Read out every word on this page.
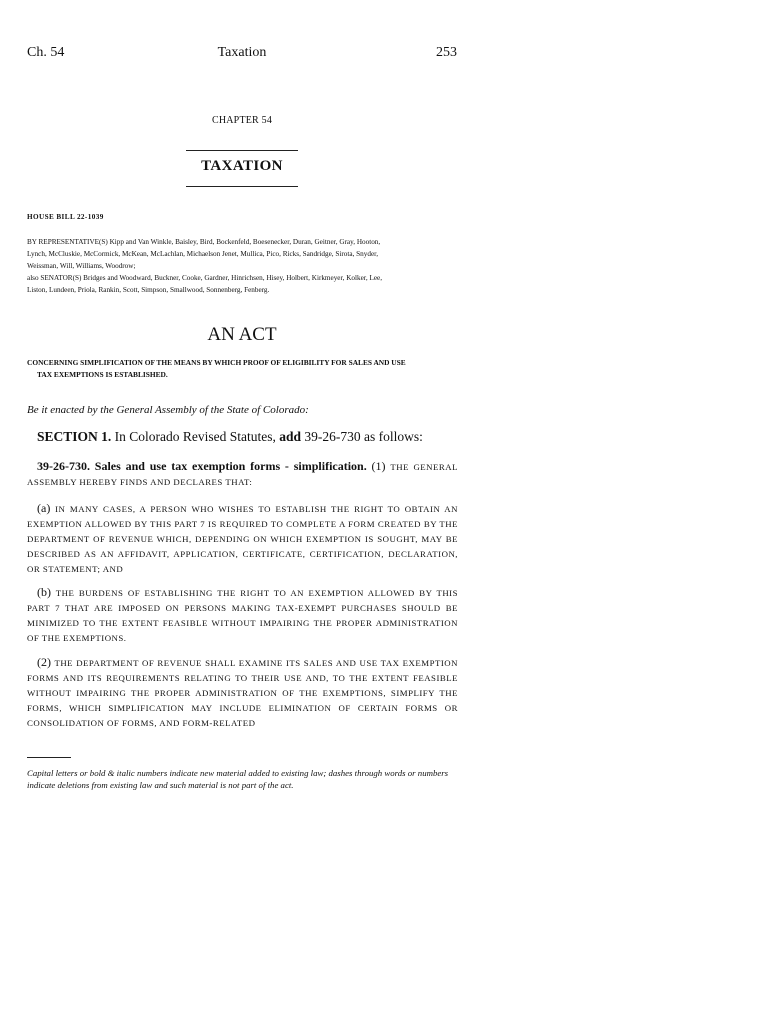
Ch. 54	Taxation	253
CHAPTER 54
TAXATION
HOUSE BILL 22-1039
BY REPRESENTATIVE(S) Kipp and Van Winkle, Baisley, Bird, Bockenfeld, Boesenecker, Duran, Geitner, Gray, Hooton,
Lynch, McCluskie, McCormick, McKean, McLachlan, Michaelson Jenet, Mullica, Pico, Ricks, Sandridge, Sirota, Snyder,
Weissman, Will, Williams, Woodrow;
also SENATOR(S) Bridges and Woodward, Buckner, Cooke, Gardner, Hinrichsen, Hisey, Holbert, Kirkmeyer, Kolker, Lee,
Liston, Lundeen, Priola, Rankin, Scott, Simpson, Smallwood, Sonnenberg, Fenberg.
AN ACT
CONCERNING SIMPLIFICATION OF THE MEANS BY WHICH PROOF OF ELIGIBILITY FOR SALES AND USE
TAX EXEMPTIONS IS ESTABLISHED.
Be it enacted by the General Assembly of the State of Colorado:
SECTION 1. In Colorado Revised Statutes, add 39-26-730 as follows:
39-26-730. Sales and use tax exemption forms - simplification. (1) THE GENERAL ASSEMBLY HEREBY FINDS AND DECLARES THAT:
(a) IN MANY CASES, A PERSON WHO WISHES TO ESTABLISH THE RIGHT TO OBTAIN AN EXEMPTION ALLOWED BY THIS PART 7 IS REQUIRED TO COMPLETE A FORM CREATED BY THE DEPARTMENT OF REVENUE WHICH, DEPENDING ON WHICH EXEMPTION IS SOUGHT, MAY BE DESCRIBED AS AN AFFIDAVIT, APPLICATION, CERTIFICATE, CERTIFICATION, DECLARATION, OR STATEMENT; AND
(b) THE BURDENS OF ESTABLISHING THE RIGHT TO AN EXEMPTION ALLOWED BY THIS PART 7 THAT ARE IMPOSED ON PERSONS MAKING TAX-EXEMPT PURCHASES SHOULD BE MINIMIZED TO THE EXTENT FEASIBLE WITHOUT IMPAIRING THE PROPER ADMINISTRATION OF THE EXEMPTIONS.
(2) THE DEPARTMENT OF REVENUE SHALL EXAMINE ITS SALES AND USE TAX EXEMPTION FORMS AND ITS REQUIREMENTS RELATING TO THEIR USE AND, TO THE EXTENT FEASIBLE WITHOUT IMPAIRING THE PROPER ADMINISTRATION OF THE EXEMPTIONS, SIMPLIFY THE FORMS, WHICH SIMPLIFICATION MAY INCLUDE ELIMINATION OF CERTAIN FORMS OR CONSOLIDATION OF FORMS, AND FORM-RELATED
Capital letters or bold & italic numbers indicate new material added to existing law; dashes through words or numbers indicate deletions from existing law and such material is not part of the act.
